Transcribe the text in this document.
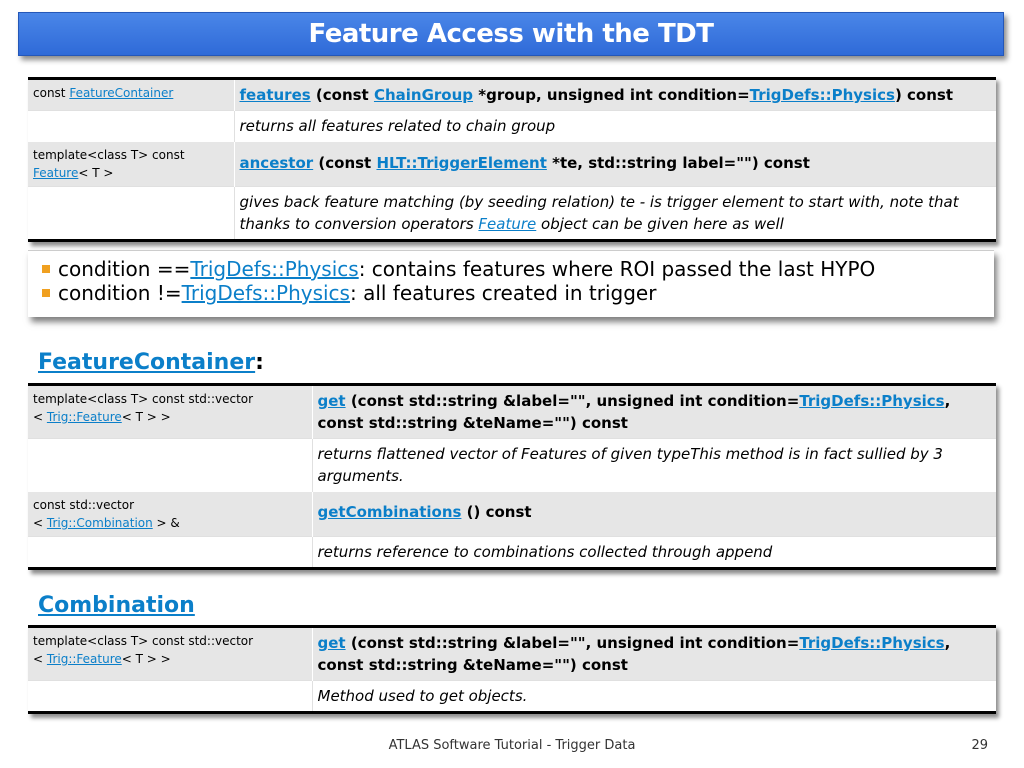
Feature Access with the TDT
const FeatureContainer	features (const ChainGroup *group, unsigned int condition=TrigDefs::Physics) const
	returns all features related to chain group
template<class T> const
Feature< T >	ancestor (const HLT::TriggerElement *te, std::string label="") const
	gives back feature matching (by seeding relation) te - is trigger element to start with, note that thanks to conversion operators Feature object can be given here as well
condition == TrigDefs::Physics : contains features where ROI passed the last HYPO
condition != TrigDefs::Physics : all features created in trigger
FeatureContainer:
template<class T> const std::vector
< Trig::Feature< T > >	get (const std::string &label="", unsigned int condition=TrigDefs::Physics, const std::string &teName="") const
	returns flattened vector of Features of given typeThis method is in fact sullied by 3 arguments.
const std::vector
< Trig::Combination > &	getCombinations () const
	returns reference to combinations collected through append
Combination
template<class T> const std::vector
< Trig::Feature< T > >	get (const std::string &label="", unsigned int condition=TrigDefs::Physics, const std::string &teName="") const
	Method used to get objects.
ATLAS Software Tutorial - Trigger Data	29
